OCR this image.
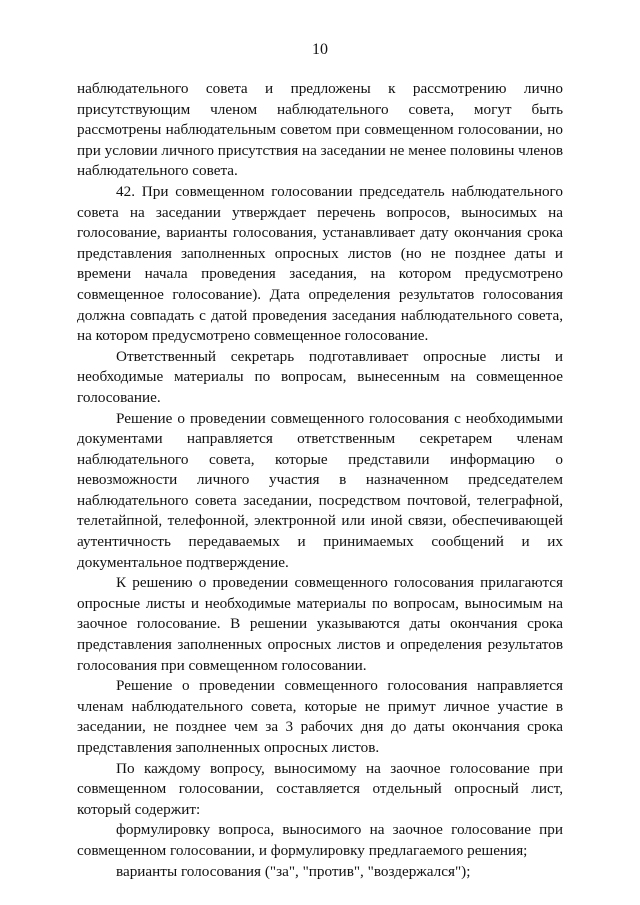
10

наблюдательного совета и предложены к рассмотрению лично присутствующим членом наблюдательного совета, могут быть рассмотрены наблюдательным советом при совмещенном голосовании, но при условии личного присутствия на заседании не менее половины членов наблюдательного совета.

42. При совмещенном голосовании председатель наблюдательного совета на заседании утверждает перечень вопросов, выносимых на голосование, варианты голосования, устанавливает дату окончания срока представления заполненных опросных листов (но не позднее даты и времени начала проведения заседания, на котором предусмотрено совмещенное голосование). Дата определения результатов голосования должна совпадать с датой проведения заседания наблюдательного совета, на котором предусмотрено совмещенное голосование.

Ответственный секретарь подготавливает опросные листы и необходимые материалы по вопросам, вынесенным на совмещенное голосование.

Решение о проведении совмещенного голосования с необходимыми документами направляется ответственным секретарем членам наблюдательного совета, которые представили информацию о невозможности личного участия в назначенном председателем наблюдательного совета заседании, посредством почтовой, телеграфной, телетайпной, телефонной, электронной или иной связи, обеспечивающей аутентичность передаваемых и принимаемых сообщений и их документальное подтверждение.

К решению о проведении совмещенного голосования прилагаются опросные листы и необходимые материалы по вопросам, выносимым на заочное голосование. В решении указываются даты окончания срока представления заполненных опросных листов и определения результатов голосования при совмещенном голосовании.

Решение о проведении совмещенного голосования направляется членам наблюдательного совета, которые не примут личное участие в заседании, не позднее чем за 3 рабочих дня до даты окончания срока представления заполненных опросных листов.

По каждому вопросу, выносимому на заочное голосование при совмещенном голосовании, составляется отдельный опросный лист, который содержит:

формулировку вопроса, выносимого на заочное голосование при совмещенном голосовании, и формулировку предлагаемого решения;

варианты голосования ("за", "против", "воздержался");
